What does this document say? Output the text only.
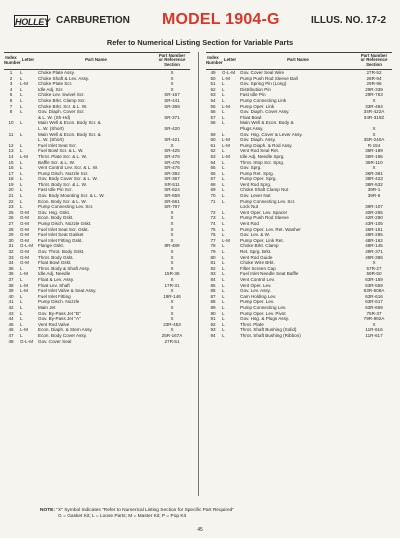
HOLLEY CARBURETION MODEL 1904-G	ILLUS. NO. 17-2
Refer to Numerical Listing Section for Variable Parts
Index
Number
Letter	Part Name
Part Number
or Reference
Section
1	L	Choke Plate Assy.	X
2	L	Choke Shaft & Lev. Assy.	X
3	L-M	Choke Plate Scr.	X
4	L	Idle Adj. Scr.	X
5	L	Choke Lev. Swivel Scr.	SR-167
6	L	Choke Brkt. Clamp Scr.	SR-441
7	L	Choke Brkt. Scr. & L. W.	SR-369
8	L	Gov. Diaph. Cover Scr.
& L. W. (Sh-Hd)	SR-371
10	L	Main Well & Econ. Body Scr. &
L. W. (Short)	SR-420
11	L	Main Well & Econ. Body Scr. &
L. W. (Short)	SR-421
12	L	Fuel Inlet Seat Scr.	X
13	L	Fuel Bowl Scr. & L. W.	SR-425
14	L-M	Throt. Plate Scr. & L. W.	SR-476
15	L	Baffle Scr. & L. W.	SR-476
16	L	Vent Control Lev. Scr. & L. W.	SR-476
17	L	Pump Disch. Nozzle Scr.	SR-392
18	L	Gov. Body Cover Scr. & L. W.	SR-367
19	L	Throt. Body Scr. & L. W.	SR-511
20	L	Fast Idle Pin Scr.	SR-624
21	L	Gov. Body Mounting Scr. & L. W.	SR-659
22	L	Econ. Body Scr. & L. W.	SR-661
23	L	Pump Connecting Lev. Scr.	SR-797
25	G-M	Gov. Hsg. Gskt.	X
26	G-M	Econ. Body Gskt.	X
27	G-M	Pump Disch. Nozzle Gskt.	X
28	G-M	Fuel Inlet Seat Scr. Gskt.	X
29	G-M	Fuel Inlet Seat Gasket	X
30	G-M	Fuel Inlet Fitting Gskt.	X
31	G-L-M	Flange Gskt.	8R-489
32	G-M	Gov. Throt. Body Gskt.	X
33	G-M	Throt. Body Gskt.	X
34	G-M	Float Bowl Gskt.	X
35	L	Throt. Body & Shaft Assy.	X
36	L-M	Idle Adj. Needle	15R-36
37	L	Float & Lev. Assy.	X
38	L-M	Float Lev. Shaft	17R-31
39	L-M	Fuel Inlet Valve & Seat Assy.	X
40	L	Fuel Inlet Fitting	19R-146
41	L	Pump Disch. Nozzle	X
42	L	Main Jet	X
43	L	Gov. By-Pass Jet "B"	X
44	L	Gov. By-Pass Jet "A"	X
45	L	Vent Rod Valve	23R-453
46	L-M	Econ. Diaph. & Stem Assy.	X
47	L	Econ. Body Cover Assy.	25R-167A
48	G-L-M	Gov. Cover Seal	27R-51
Index
Number
Letter	Part Name
Part Number
or Reference
Section
49	G-L-M	Gov. Cover Seal Wire	27R-52
50	L-M	Pump Push Rod Sleeve Ball	28R-94
51	L	Gov. Spring Pin (Long)	29R-96
52	L	Distribution Pin	29R-339
53	L	Fast Idle Pin	29R-763
54	L	Pump Connecting Link	X
55	L-M	Pump Oper. Link	33R-484
56	L	Gov. Diaph. Cover Assy.	34R-422A
57	L	Float Bowl	34R-319Z
58	L	Main Well & Econ. Body &
Plugs Assy.	X
59	L	Gov. Hsg. Cover & Lever Assy.	X
60	L-M	Gov. Diaph. Assy.	35R-240A
61	L-M	Pump Diaph. & Rod Assy.	R-154
62	L	Vent Rod Seal Ret.	36R-189
63	L-M	Idle Adj. Needle Sprg.	36R-196
64	L	Throt. Stop Scr. Sprg.	36R-110
65	L	Gov. Sprg.	X
66	L	Pump Ret. Sprg.	36R-381
67	L	Pump Oper. Sprg.	38R-423
68	L	Vent Rod Sprg.	38R-532
69	L	Choke Shaft Clamp Nut	39R-1
70	L	Gov. Lever Nut	39R-6
71	L	Pump Connecting Lev. Scr.
Lock Nut	39R-107
72	L	Vent Oper. Lev. Spacer	40R-265
73	L	Pump Push Rod Sleeve	42R-290
74	L	Vent Rod	43R-105
75	L	Pump Oper. Lev. Ret. Washer	46R-161
76	L	Gov. Lev. & W.	46R-285
77	L-M	Pump Oper. Link Ret.	48R-162
78	L	Choke Brkt. Clamp	49R-145
79	L	Ret. Sprg. Brkt.	49R-371
80	L	Vent Rod Guide	49R-386
81	L	Choke Wire Brkt.	X
82	L	Filter Screen Cap	57R-27
83	L	Fuel Inlet Needle Seat Baffle	59R-50
84	L	Vent Control Lev.	63R-159
85	L	Vent Oper. Lev.	63R-559
86	L	Gov. Lev. Assy.	63R-608A
87	L	Cam Holding Lev.	63R-616
88	L	Pump Oper. Lev.	63R-617
89	L	Pump Connecting Lev.	63R-659
90	L	Pump Oper. Lev. Pivot	75R-37
91	L	Gov. Hsg. & Plugs Assy.	79R-892A
92	L	Throt. Plate	X
93	L	Throt. Shaft Bushing (Solid)	11R-616
94	L	Throt. Shaft Bushing (Ribbon)	11R-617
NOTE: "X" Symbol Indicates "Refer to Numerical Listing Section for Specific Part Required"
G = Gasket Kit; L = Loose Parts; M = Master Kit; P = Pop Kit
45
